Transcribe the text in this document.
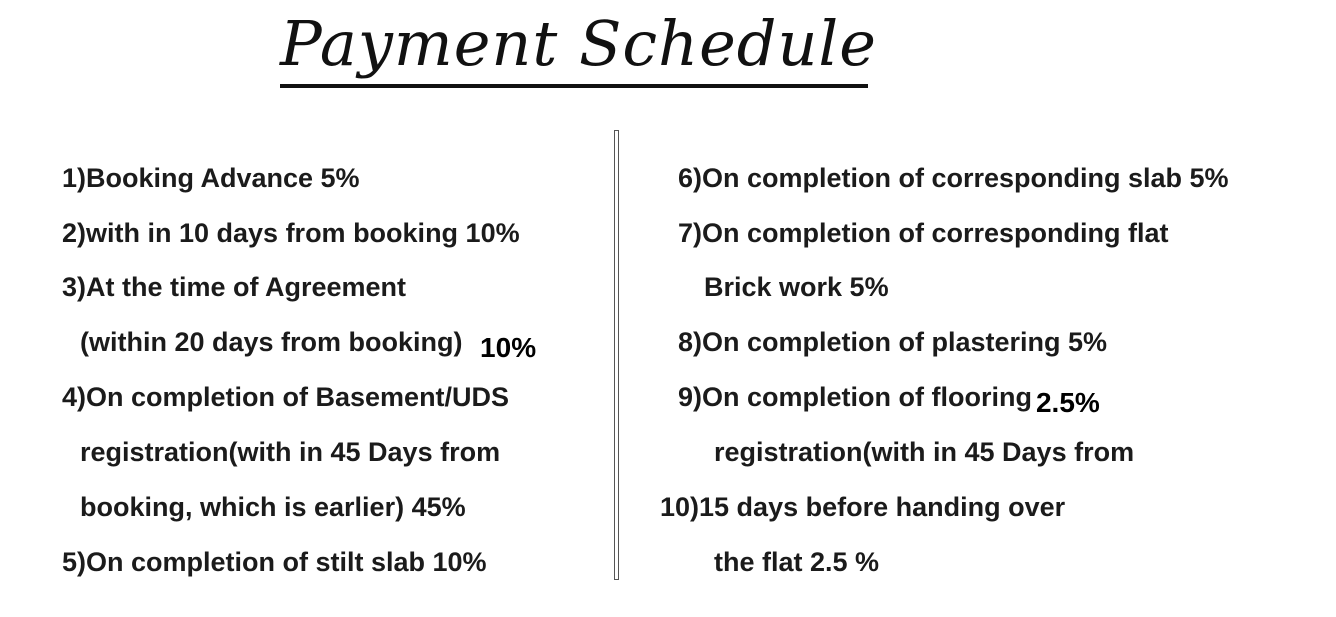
Payment Schedule
1)Booking Advance 5%
2)with in 10 days from booking 10%
3)At the time of Agreement
(within 20 days from booking) 10%
4)On completion of Basement/UDS
registration(with in 45 Days from
booking, which is earlier) 45%
5)On completion of stilt slab 10%
6)On completion of corresponding slab 5%
7)On completion of corresponding flat
Brick work 5%
8)On completion of plastering 5%
9)On completion of flooring 2.5%
registration(with in 45 Days from
10)15 days before handing over
the flat 2.5 %
